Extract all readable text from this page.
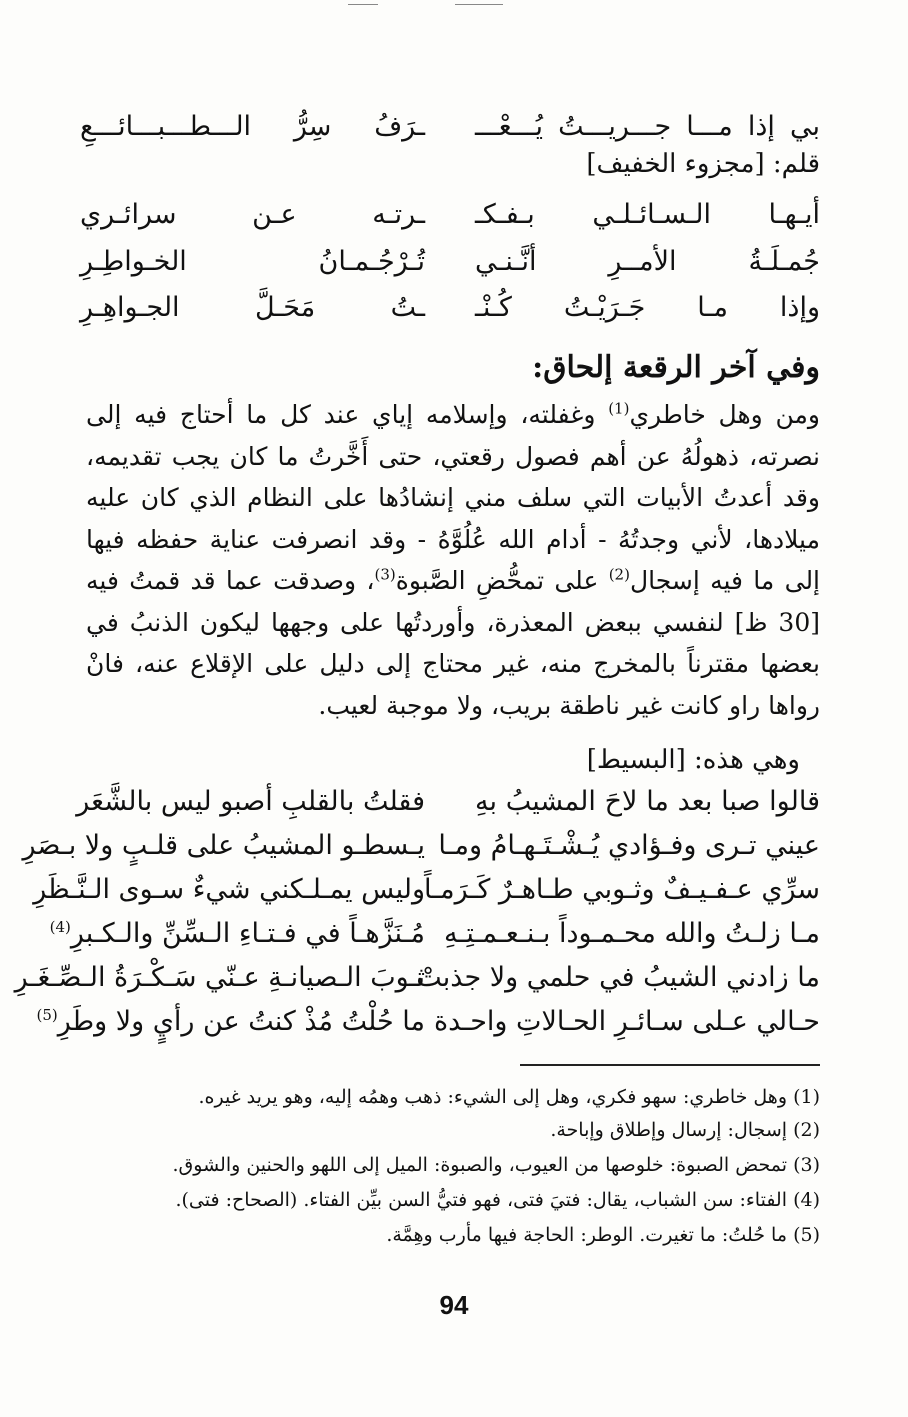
بي إذا مـــا جـــريـــتُ يُـــعْـــ
ـرَفُ سِرُّ الـــطـــبـــائـــعِ
قلم: [مجزوء الخفيف]
أيـهـا الـسـائـلـي بـفـكـ
ـرتـه عـن سرائـري
جُمـلَـةُ الأمــرِ أنَّـنـي
تُـرْجُـمـانُ الخـواطِـرِ
وإذا مـا جَـرَيْـتُ كُـنْـ
ـتُ مَحَـلَّ الجـواهِـرِ
وفي آخر الرقعة إلحاق:
ومن وهل خاطري$^{(1)}$ وغفلته، وإسلامه إياي عند كل ما أحتاج فيه إلى نصرته، ذهولُهُ عن أهم فصول رقعتي، حتى أَخَّرتُ ما كان يجب تقديمه، وقد أعدتُ الأبيات التي سلف مني إنشادُها على النظام الذي كان عليه ميلادها، لأني وجدتُهُ - أدام الله عُلُوَّهُ - وقد انصرفت عناية حفظه فيها إلى ما فيه إسجال$^{(2)}$ على تمحُّضِ الصَّبوة$^{(3)}$، وصدقت عما قد قمتُ فيه [30 ظ] لنفسي ببعض المعذرة، وأوردتُها على وجهها ليكون الذنبُ في بعضها مقترناً بالمخرج منه، غير محتاج إلى دليل على الإقلاع عنه، فانْ رواها راو كانت غير ناطقة بريب، ولا موجبة لعيب.
وهي هذه: [البسيط]
قالوا صبا بعد ما لاحَ المشيبُ بهِ
فقلتُ بالقلبِ أصبو ليس بالشَّعَر
عيني تـرى وفـؤادي يُـشْـتَـهـامُ ومـا
يـسطـو المشيبُ على قلـبٍ ولا بـصَرِ
سرِّي عـفـيـفٌ وثـوبي طـاهـرٌ كَـرَمـاً
وليس يمـلـكني شيءٌ سـوى الـنَّـظَرِ
مـا زلـتُ والله محـمـوداً بـنـعـمـتِـهِ
مُـنَزَّهـاً في فـتـاءِ الـسِّنِّ والـكـبرِ$^{(4)}$
ما زادني الشيبُ في حلمي ولا جذبتْ
ثـوبَ الـصيانـةِ عـنّي سَـكْـرَةُ الـصِّـغَـرِ
حـالي عـلى سـائـرِ الحـالاتِ واحـدة
ما حُلْتُ مُذْ كنتُ عن رأيٍ ولا وطَرِ$^{(5)}$
(1) وهل خاطري: سهو فكري، وهل إلى الشيء: ذهب وهمُه إليه، وهو يريد غيره.
(2) إسجال: إرسال وإطلاق وإباحة.
(3) تمحض الصبوة: خلوصها من العيوب، والصبوة: الميل إلى اللهو والحنين والشوق.
(4) الفتاء: سن الشباب، يقال: فتيَ فتى، فهو فتيُّ السن بيِّن الفتاء. (الصحاح: فتى).
(5) ما حُلتُ: ما تغيرت. الوطر: الحاجة فيها مأرب وهِمَّة.
94
